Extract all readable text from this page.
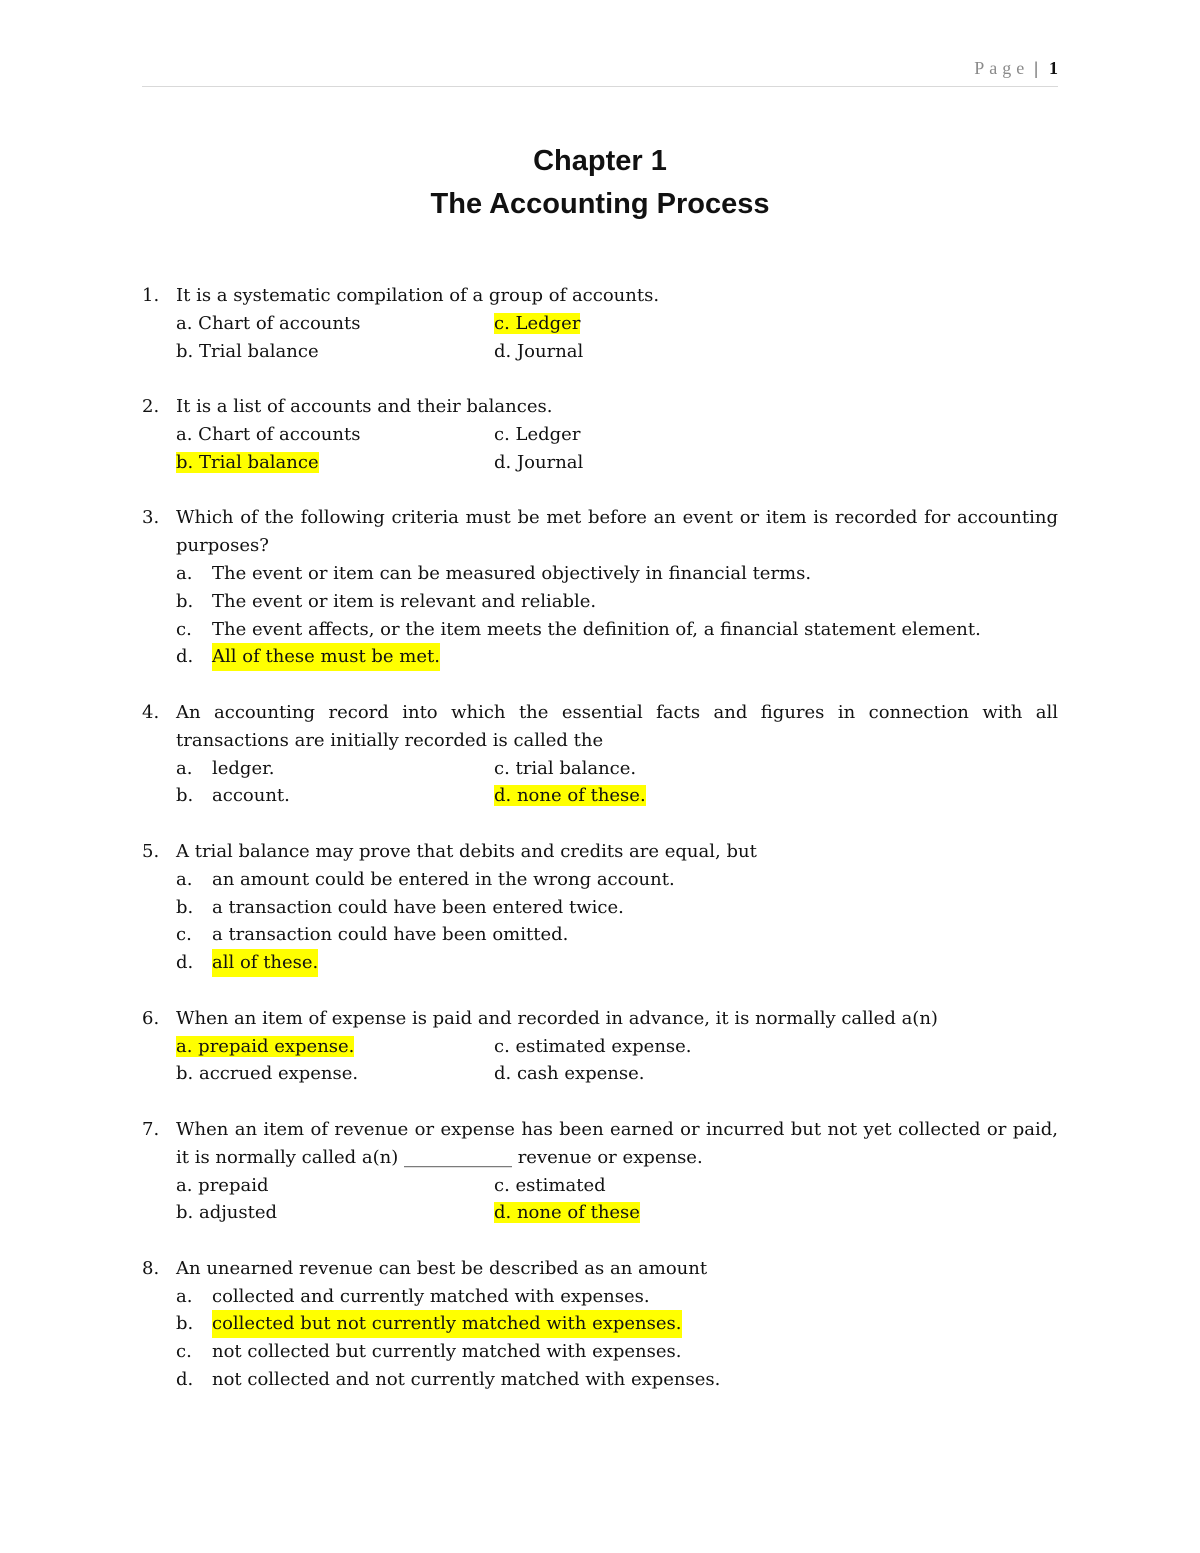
Page | 1
Chapter 1
The Accounting Process
1. It is a systematic compilation of a group of accounts.
a. Chart of accounts	c. Ledger
b. Trial balance	d. Journal
2. It is a list of accounts and their balances.
a. Chart of accounts	c. Ledger
b. Trial balance	d. Journal
3. Which of the following criteria must be met before an event or item is recorded for accounting purposes?
a.	The event or item can be measured objectively in financial terms.
b.	The event or item is relevant and reliable.
c.	The event affects, or the item meets the definition of, a financial statement element.
d.	All of these must be met.
4. An accounting record into which the essential facts and figures in connection with all transactions are initially recorded is called the
a.	ledger.	c. trial balance.
b.	account.	d. none of these.
5. A trial balance may prove that debits and credits are equal, but
a.	an amount could be entered in the wrong account.
b.	a transaction could have been entered twice.
c.	a transaction could have been omitted.
d.	all of these.
6. When an item of expense is paid and recorded in advance, it is normally called a(n)
a. prepaid expense.	c. estimated expense.
b. accrued expense.	d. cash expense.
7. When an item of revenue or expense has been earned or incurred but not yet collected or paid, it is normally called a(n) ____________ revenue or expense.
a. prepaid	c. estimated
b. adjusted	d. none of these
8. An unearned revenue can best be described as an amount
a.	collected and currently matched with expenses.
b.	collected but not currently matched with expenses.
c.	not collected but currently matched with expenses.
d.	not collected and not currently matched with expenses.
